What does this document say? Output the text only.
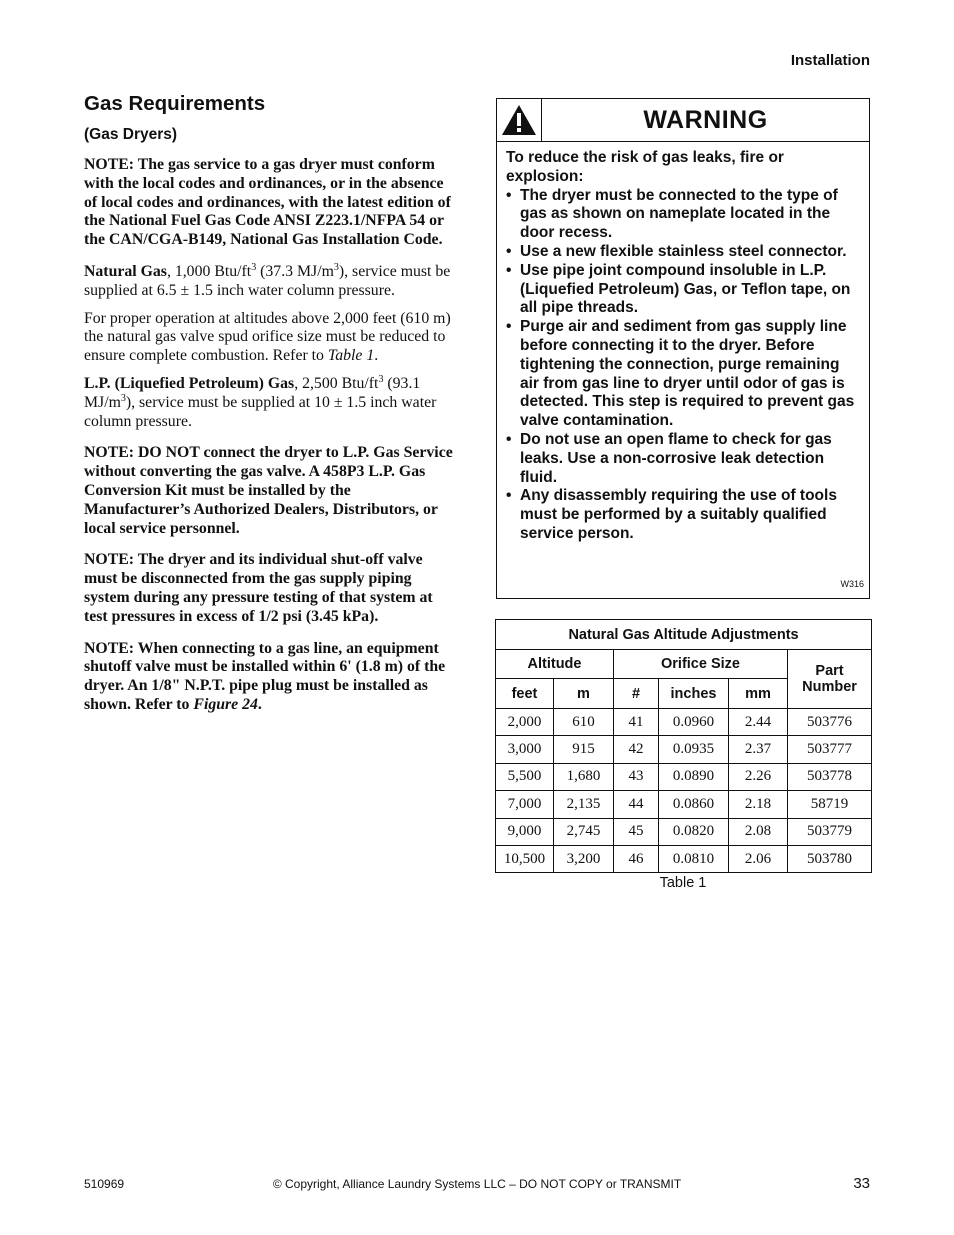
Installation
Gas Requirements
(Gas Dryers)

NOTE: The gas service to a gas dryer must conform with the local codes and ordinances, or in the absence of local codes and ordinances, with the latest edition of the National Fuel Gas Code ANSI Z223.1/NFPA 54 or the CAN/CGA-B149, National Gas Installation Code.

Natural Gas, 1,000 Btu/$ft^3$ (37.3 $MJ/m^3$), service must be supplied at 6.5 ± 1.5 inch water column pressure.

For proper operation at altitudes above 2,000 feet (610 m) the natural gas valve spud orifice size must be reduced to ensure complete combustion. Refer to Table 1.

L.P. (Liquefied Petroleum) Gas, 2,500 Btu/$ft^3$ (93.1 $MJ/m^3$), service must be supplied at 10 ± 1.5 inch water column pressure.

NOTE: DO NOT connect the dryer to L.P. Gas Service without converting the gas valve. A 458P3 L.P. Gas Conversion Kit must be installed by the Manufacturer’s Authorized Dealers, Distributors, or local service personnel.

NOTE: The dryer and its individual shut-off valve must be disconnected from the gas supply piping system during any pressure testing of that system at test pressures in excess of 1/2 psi (3.45 kPa).

NOTE: When connecting to a gas line, an equipment shutoff valve must be installed within 6' (1.8 m) of the dryer. An 1/8" N.P.T. pipe plug must be installed as shown. Refer to Figure 24.

WARNING
To reduce the risk of gas leaks, fire or explosion:
• The dryer must be connected to the type of gas as shown on nameplate located in the door recess.
• Use a new flexible stainless steel connector.
• Use pipe joint compound insoluble in L.P. (Liquefied Petroleum) Gas, or Teflon tape, on all pipe threads.
• Purge air and sediment from gas supply line before connecting it to the dryer. Before tightening the connection, purge remaining air from gas line to dryer until odor of gas is detected. This step is required to prevent gas valve contamination.
• Do not use an open flame to check for gas leaks. Use a non-corrosive leak detection fluid.
• Any disassembly requiring the use of tools must be performed by a suitably qualified service person.
W316
Natural Gas Altitude Adjustments					
Altitude		Orifice Size			Part Number
feet	m	#	inches	mm	
2,000	610	41	0.0960	2.44	503776
3,000	915	42	0.0935	2.37	503777
5,500	1,680	43	0.0890	2.26	503778
7,000	2,135	44	0.0860	2.18	58719
9,000	2,745	45	0.0820	2.08	503779
10,500	3,200	46	0.0810	2.06	503780
Table 1
510969	© Copyright, Alliance Laundry Systems LLC – DO NOT COPY or TRANSMIT	33
